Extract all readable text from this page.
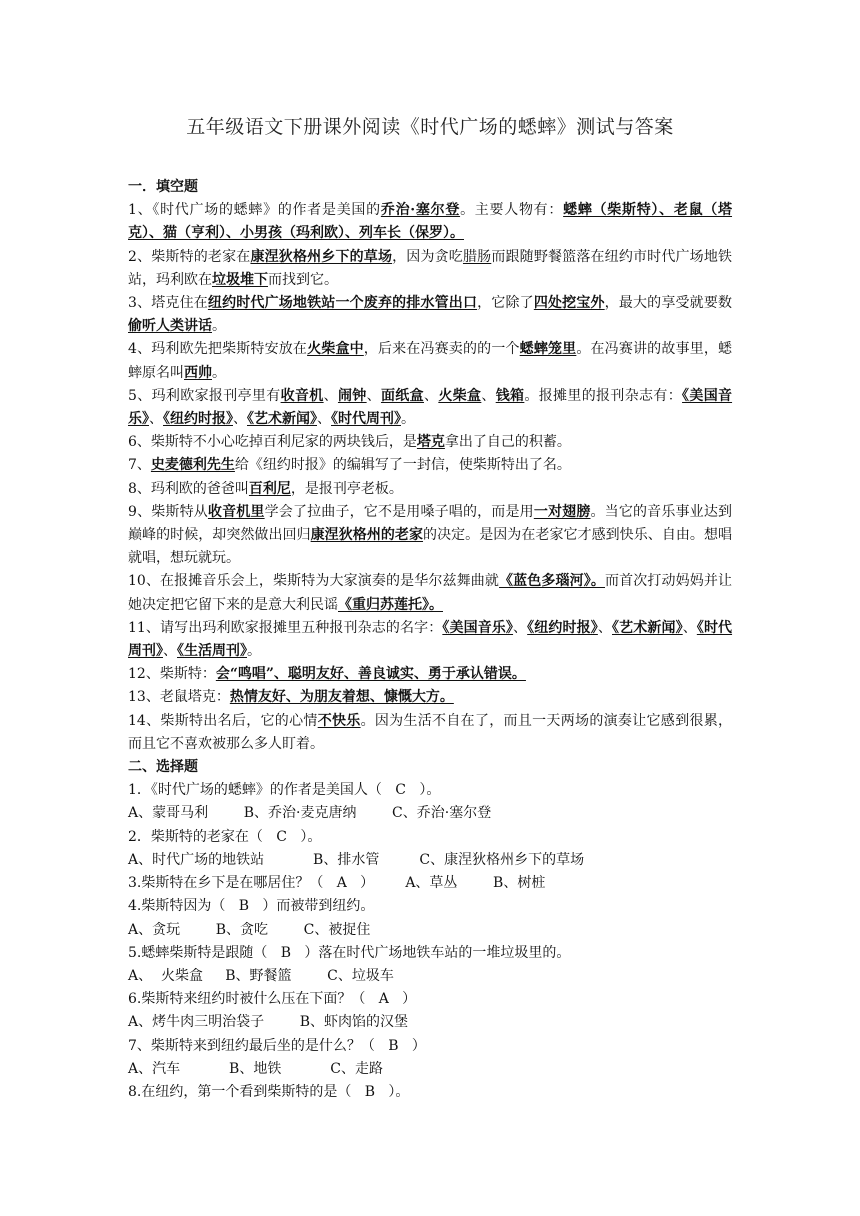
五年级语文下册课外阅读《时代广场的蟋蟀》测试与答案

一．填空题

1、《时代广场的蟋蟀》的作者是美国的乔治·塞尔登。主要人物有：蟋蟀（柴斯特）、老鼠（塔克）、猫（亨利）、小男孩（玛利欧）、列车长（保罗）。

2、柴斯特的老家在康涅狄格州乡下的草场，因为贪吃腊肠而跟随野餐篮落在纽约市时代广场地铁站，玛利欧在垃圾堆下而找到它。

3、塔克住在纽约时代广场地铁站一个废弃的排水管出口，它除了四处挖宝外，最大的享受就要数偷听人类讲话。

4、玛利欧先把柴斯特安放在火柴盒中，后来在冯赛卖的的一个蟋蟀笼里。在冯赛讲的故事里，蟋蟀原名叫西帅。

5、玛利欧家报刊亭里有收音机、闹钟、面纸盒、火柴盒、钱箱。报摊里的报刊杂志有：《美国音乐》、《纽约时报》、《艺术新闻》、《时代周刊》。

6、柴斯特不小心吃掉百利尼家的两块钱后，是塔克拿出了自己的积蓄。

7、史麦德利先生给《纽约时报》的编辑写了一封信，使柴斯特出了名。

8、玛利欧的爸爸叫百利尼，是报刊亭老板。

9、柴斯特从收音机里学会了拉曲子，它不是用嗓子唱的，而是用一对翅膀。当它的音乐事业达到巅峰的时候，却突然做出回归康涅狄格州的老家的决定。是因为在老家它才感到快乐、自由。想唱就唱，想玩就玩。

10、在报摊音乐会上，柴斯特为大家演奏的是华尔兹舞曲就《蓝色多瑙河》。而首次打动妈妈并让她决定把它留下来的是意大利民谣《重归苏莲托》。

11、请写出玛利欧家报摊里五种报刊杂志的名字：《美国音乐》、《纽约时报》、《艺术新闻》、《时代周刊》、《生活周刊》。

12、柴斯特：会“鸣唱”、聪明友好、善良诚实、勇于承认错误。

13、老鼠塔克：热情友好、为朋友着想、慷慨大方。

14、柴斯特出名后，它的心情不快乐。因为生活不自在了，而且一天两场的演奏让它感到很累，而且它不喜欢被那么多人盯着。

二、选择题

1．《时代广场的蟋蟀》的作者是美国人（   C   ）。

A、蒙哥马利        B、乔治·麦克唐纳        C、乔治·塞尔登

2．柴斯特的老家在（   C   ）。

A、时代广场的地铁站           B、排水管         C、康涅狄格州乡下的草场

3.柴斯特在乡下是在哪居住？（   A   ）       A、草丛        B、树桩

4.柴斯特因为（   B   ）而被带到纽约。

A、贪玩        B、贪吃        C、被捉住

5.蟋蟀柴斯特是跟随（   B   ）落在时代广场地铁车站的一堆垃圾里的。

A、  火柴盒     B、野餐篮        C、垃圾车

6.柴斯特来纽约时被什么压在下面？（   A   ）

A、烤牛肉三明治袋子        B、虾肉馅的汉堡

7、柴斯特来到纽约最后坐的是什么？（   B   ）

A、汽车           B、地铁           C、走路

8.在纽约，第一个看到柴斯特的是（   B   ）。
